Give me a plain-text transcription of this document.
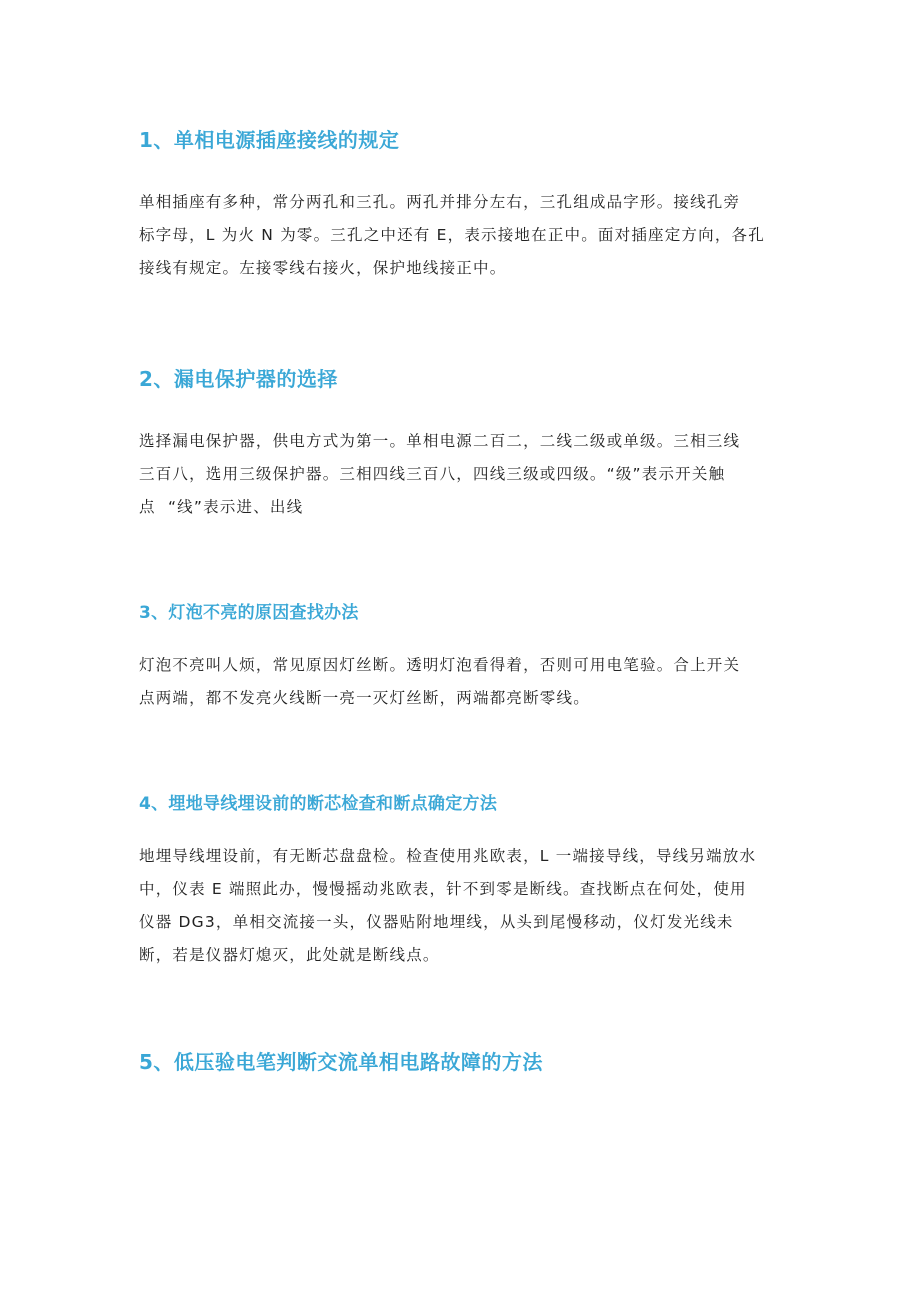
1、单相电源插座接线的规定

单相插座有多种，常分两孔和三孔。两孔并排分左右，三孔组成品字形。接线孔旁
标字母，L 为火 N 为零。三孔之中还有 E，表示接地在正中。面对插座定方向，各孔
接线有规定。左接零线右接火，保护地线接正中。

2、漏电保护器的选择

选择漏电保护器，供电方式为第一。单相电源二百二，二线二级或单级。三相三线
三百八，选用三级保护器。三相四线三百八，四线三级或四级。“级”表示开关触
点  “线”表示进、出线

3、灯泡不亮的原因查找办法

灯泡不亮叫人烦，常见原因灯丝断。透明灯泡看得着，否则可用电笔验。合上开关
点两端，都不发亮火线断一亮一灭灯丝断，两端都亮断零线。

4、埋地导线埋设前的断芯检查和断点确定方法

地埋导线埋设前，有无断芯盘盘检。检查使用兆欧表，L 一端接导线，导线另端放水
中，仪表 E 端照此办，慢慢摇动兆欧表，针不到零是断线。查找断点在何处，使用
仪器 DG3，单相交流接一头，仪器贴附地埋线，从头到尾慢移动，仪灯发光线未
断，若是仪器灯熄灭，此处就是断线点。

5、低压验电笔判断交流单相电路故障的方法
